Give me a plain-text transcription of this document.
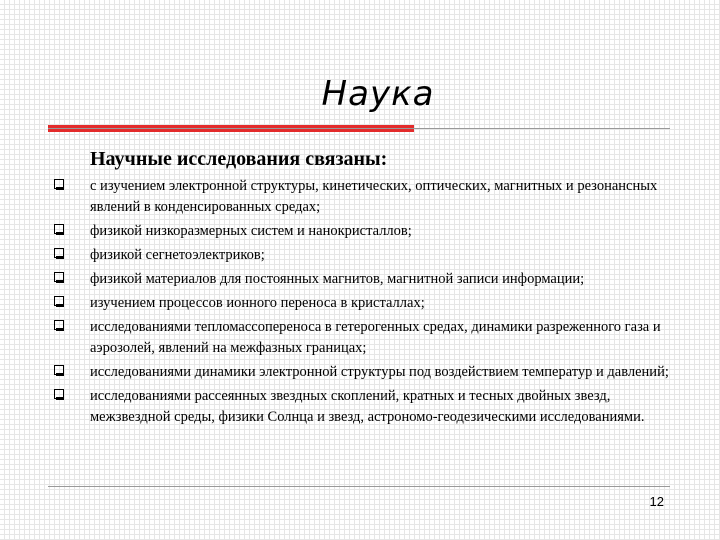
Наука
Научные исследования связаны:
с изучением электронной структуры, кинетических, оптических, магнитных и резонансных явлений в конденсированных средах;
физикой низкоразмерных систем и нанокристаллов;
физикой сегнетоэлектриков;
физикой материалов для постоянных магнитов, магнитной записи информации;
изучением процессов ионного переноса в кристаллах;
исследованиями тепломассопереноса в гетерогенных средах, динамики разреженного газа и аэрозолей, явлений на межфазных границах;
исследованиями динамики электронной структуры под воздействием температур и давлений;
исследованиями рассеянных звездных скоплений, кратных и тесных двойных звезд, межзвездной среды, физики Солнца и звезд, астрономо-геодезическими исследованиями.
12
